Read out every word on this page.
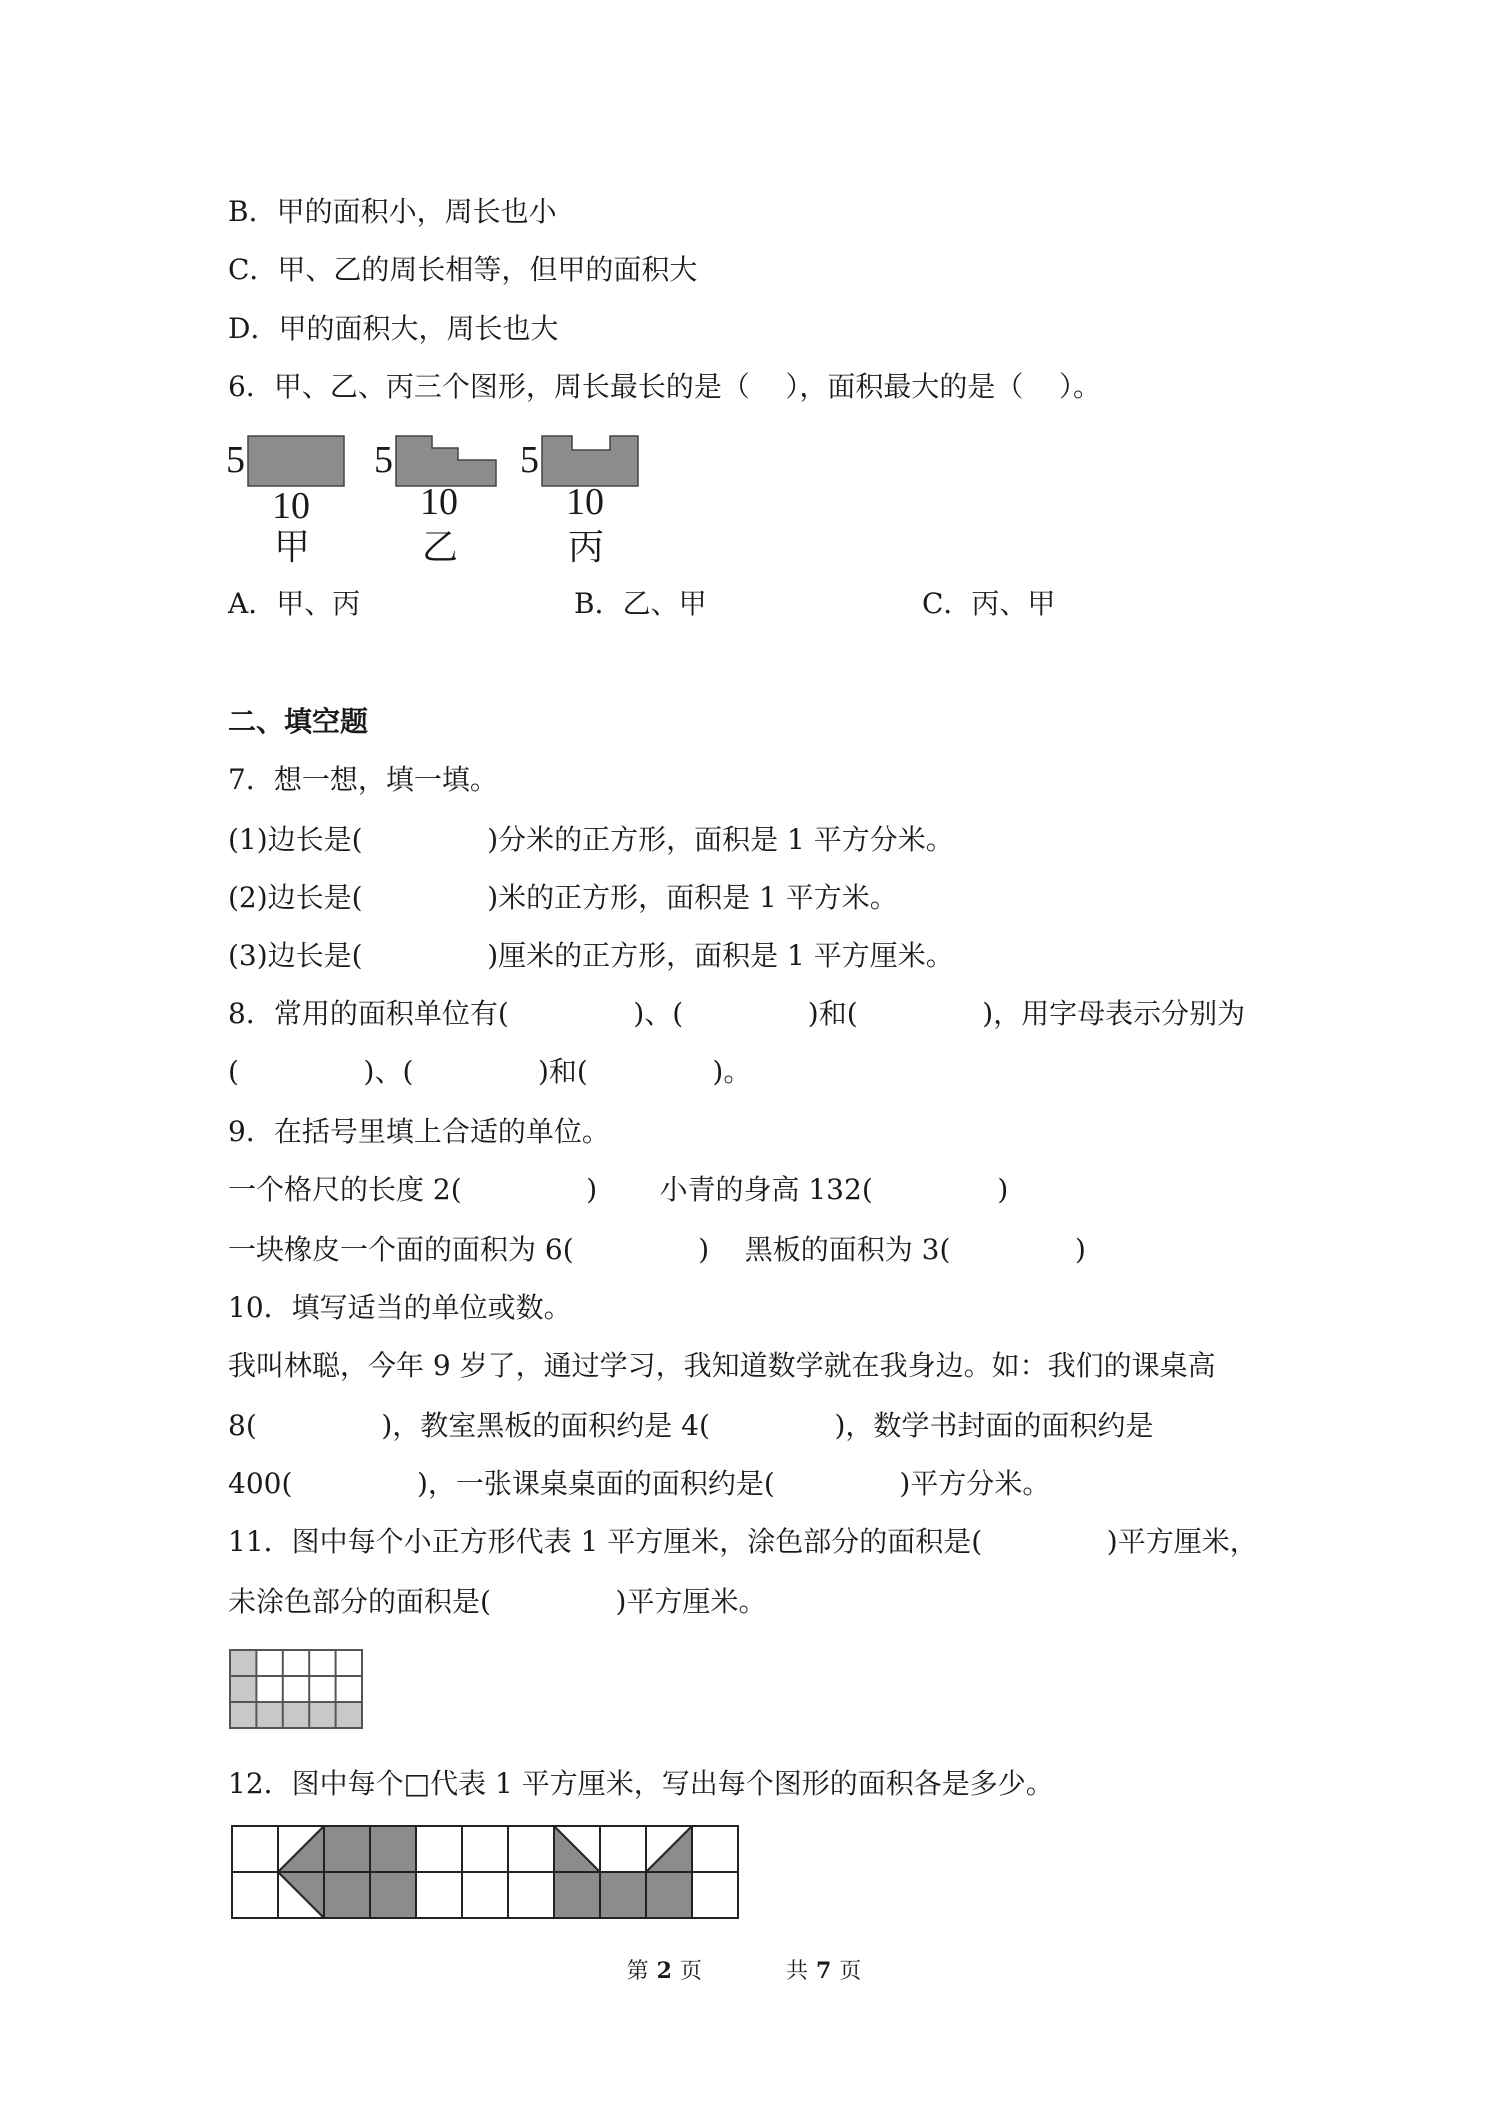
B．甲的面积小，周长也小
C．甲、乙的周长相等，但甲的面积大
D．甲的面积大，周长也大
6．甲、乙、丙三个图形，周长最长的是（    ），面积最大的是（    ）。
5
10
甲
5
10
乙
5
10
丙
A．甲、丙	B．乙、甲	C．丙、甲
二、填空题
7．想一想，填一填。
(1)边长是(              )分米的正方形，面积是 1 平方分米。
(2)边长是(              )米的正方形，面积是 1 平方米。
(3)边长是(              )厘米的正方形，面积是 1 平方厘米。
8．常用的面积单位有(              )、(              )和(              )，用字母表示分别为
(              )、(              )和(              )。
9．在括号里填上合适的单位。
一个格尺的长度 2(              )       小青的身高 132(              )
一块橡皮一个面的面积为 6(              )    黑板的面积为 3(              )
10．填写适当的单位或数。
我叫林聪，今年 9 岁了，通过学习，我知道数学就在我身边。如：我们的课桌高
8(              )，教室黑板的面积约是 4(              )，数学书封面的面积约是
400(              )，一张课桌桌面的面积约是(              )平方分米。
11．图中每个小正方形代表 1 平方厘米，涂色部分的面积是(              )平方厘米，
未涂色部分的面积是(              )平方厘米。
12．图中每个□代表 1 平方厘米，写出每个图形的面积各是多少。
第 2 页	共 7 页
